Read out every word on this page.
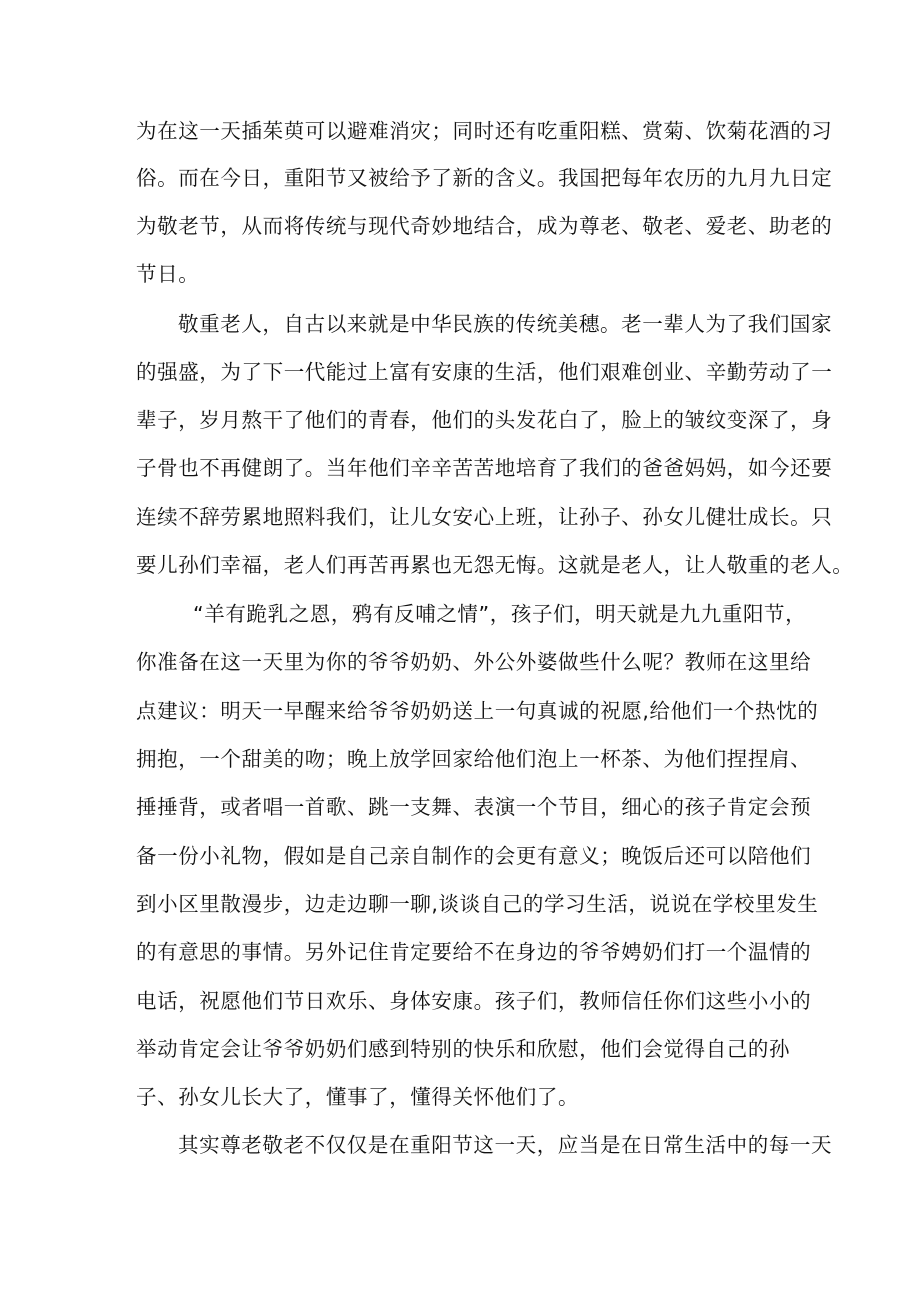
为在这一天插茱萸可以避难消灾；同时还有吃重阳糕、赏菊、饮菊花酒的习
俗。而在今日，重阳节又被给予了新的含义。我国把每年农历的九月九日定
为敬老节，从而将传统与现代奇妙地结合，成为尊老、敬老、爱老、助老的
节日。
敬重老人，自古以来就是中华民族的传统美穗。老一辈人为了我们国家
的强盛，为了下一代能过上富有安康的生活，他们艰难创业、辛勤劳动了一
辈子，岁月熬干了他们的青春，他们的头发花白了，脸上的皱纹变深了，身
子骨也不再健朗了。当年他们辛辛苦苦地培育了我们的爸爸妈妈，如今还要
连续不辞劳累地照料我们，让儿女安心上班，让孙子、孙女儿健壮成长。只
要儿孙们幸福，老人们再苦再累也无怨无悔。这就是老人，让人敬重的老人。
“羊有跪乳之恩，鸦有反哺之情”，孩子们，明天就是九九重阳节，
你准备在这一天里为你的爷爷奶奶、外公外婆做些什么呢？教师在这里给
点建议：明天一早醒来给爷爷奶奶送上一句真诚的祝愿,给他们一个热忱的
拥抱，一个甜美的吻；晚上放学回家给他们泡上一杯茶、为他们捏捏肩、
捶捶背，或者唱一首歌、跳一支舞、表演一个节目，细心的孩子肯定会预
备一份小礼物，假如是自己亲自制作的会更有意义；晚饭后还可以陪他们
到小区里散漫步，边走边聊一聊,谈谈自己的学习生活，说说在学校里发生
的有意思的事情。另外记住肯定要给不在身边的爷爷娉奶们打一个温情的
电话，祝愿他们节日欢乐、身体安康。孩子们，教师信任你们这些小小的
举动肯定会让爷爷奶奶们感到特别的快乐和欣慰，他们会觉得自己的孙
子、孙女儿长大了，懂事了，懂得关怀他们了。
其实尊老敬老不仅仅是在重阳节这一天，应当是在日常生活中的每一天
